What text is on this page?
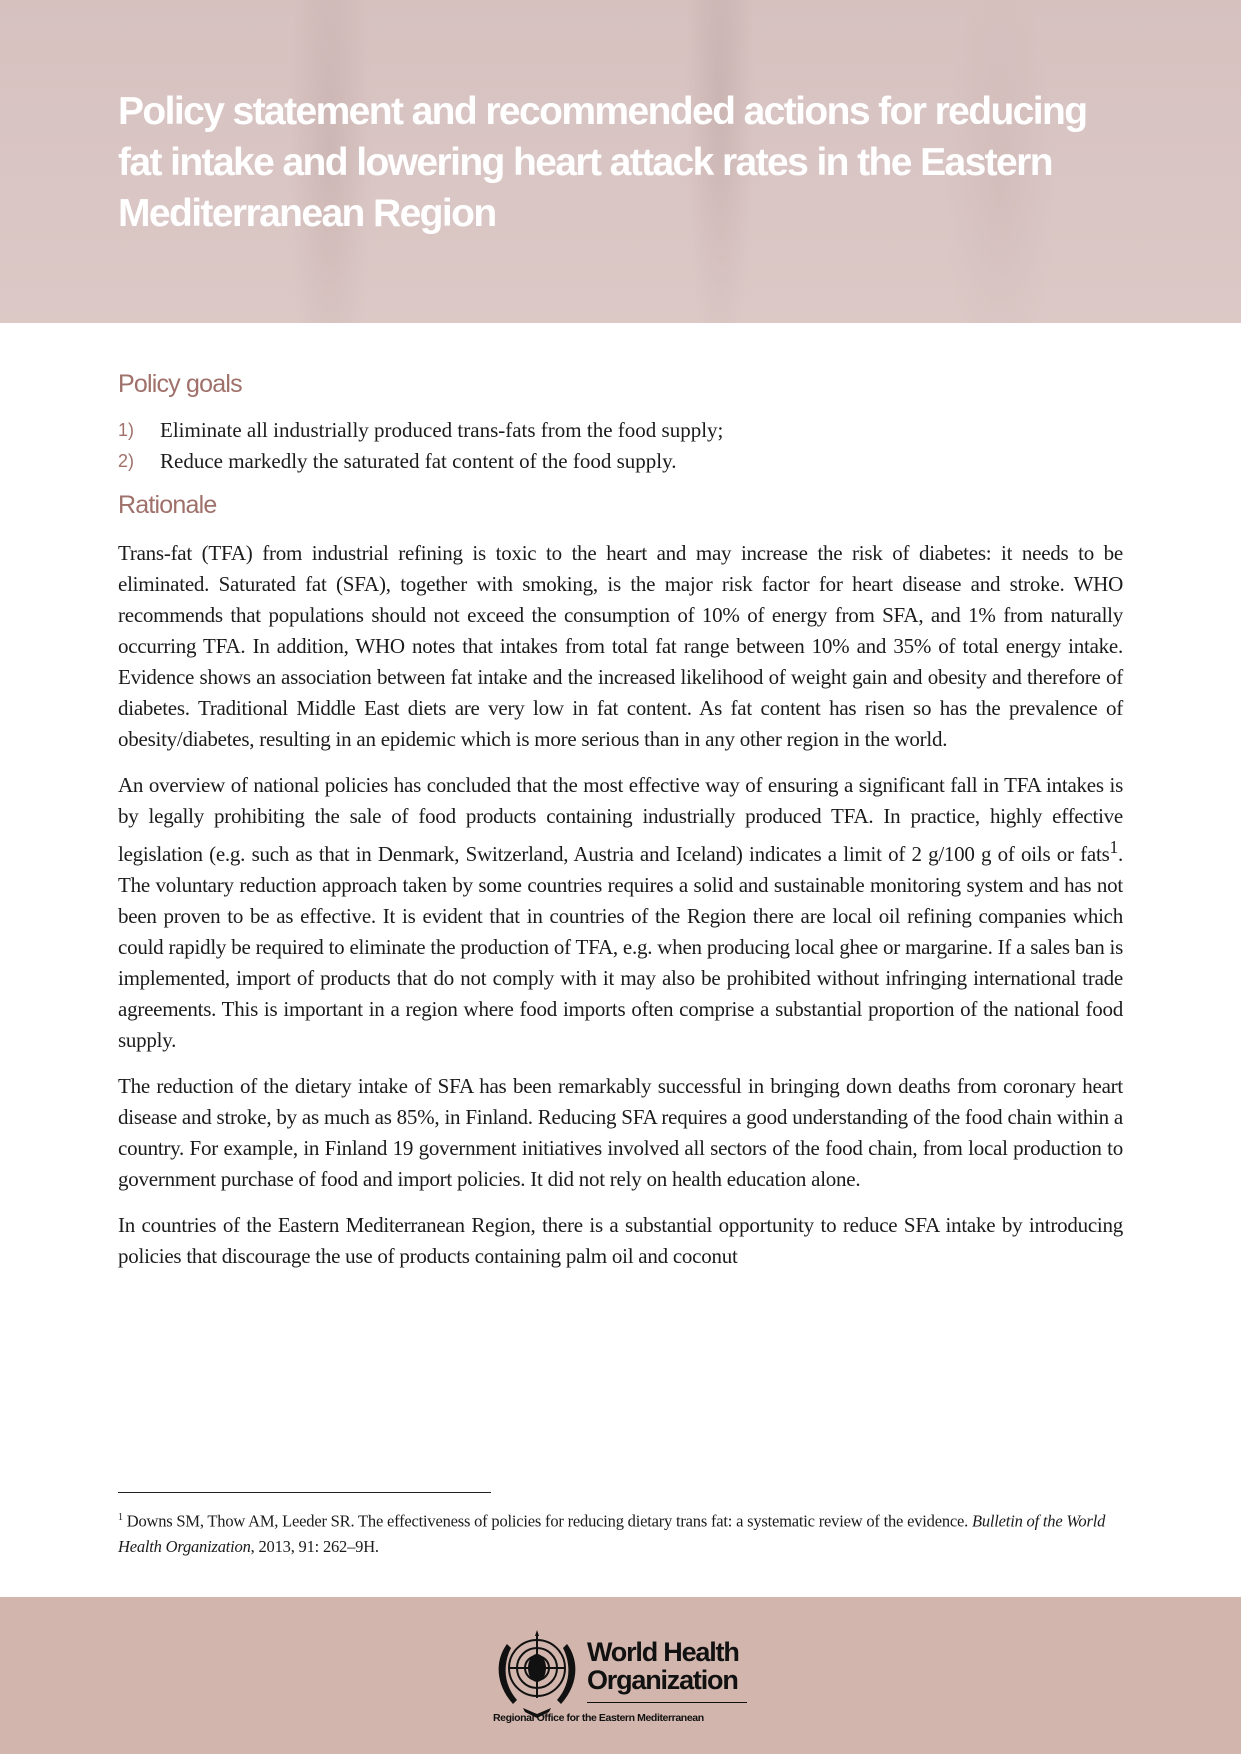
Policy statement and recommended actions for reducing fat intake and lowering heart attack rates in the Eastern Mediterranean Region
Policy goals
1)	Eliminate all industrially produced trans-fats from the food supply;
2)	Reduce markedly the saturated fat content of the food supply.
Rationale

Trans-fat (TFA) from industrial refining is toxic to the heart and may increase the risk of diabetes: it needs to be eliminated. Saturated fat (SFA), together with smoking, is the major risk factor for heart disease and stroke. WHO recommends that populations should not exceed the consumption of 10% of energy from SFA, and 1% from naturally occurring TFA. In addition, WHO notes that intakes from total fat range between 10% and 35% of total energy intake. Evidence shows an association between fat intake and the increased likelihood of weight gain and obesity and therefore of diabetes. Traditional Middle East diets are very low in fat content. As fat content has risen so has the prevalence of obesity/diabetes, resulting in an epidemic which is more serious than in any other region in the world.

An overview of national policies has concluded that the most effective way of ensuring a significant fall in TFA intakes is by legally prohibiting the sale of food products containing industrially produced TFA. In practice, highly effective legislation (e.g. such as that in Denmark, Switzerland, Austria and Iceland) indicates a limit of 2 g/100 g of oils or fats$^1$. The voluntary reduction approach taken by some countries requires a solid and sustainable monitoring system and has not been proven to be as effective. It is evident that in countries of the Region there are local oil refining companies which could rapidly be required to eliminate the production of TFA, e.g. when producing local ghee or margarine. If a sales ban is implemented, import of products that do not comply with it may also be prohibited without infringing international trade agreements. This is important in a region where food imports often comprise a substantial proportion of the national food supply.

The reduction of the dietary intake of SFA has been remarkably successful in bringing down deaths from coronary heart disease and stroke, by as much as 85%, in Finland. Reducing SFA requires a good understanding of the food chain within a country. For example, in Finland 19 government initiatives involved all sectors of the food chain, from local production to government purchase of food and import policies. It did not rely on health education alone.

In countries of the Eastern Mediterranean Region, there is a substantial opportunity to reduce SFA intake by introducing policies that discourage the use of products containing palm oil and coconut

$^1$ Downs SM, Thow AM, Leeder SR. The effectiveness of policies for reducing dietary trans fat: a systematic review of the evidence. Bulletin of the World Health Organization, 2013, 91: 262–9H.

World Health
Organization
Regional Office for the Eastern Mediterranean
